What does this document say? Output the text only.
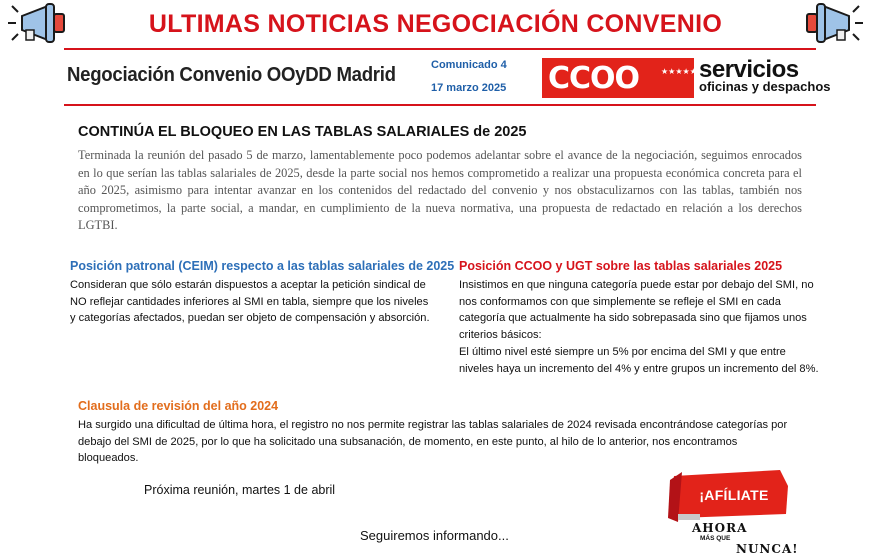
ULTIMAS NOTICIAS NEGOCIACIÓN CONVENIO
Negociación Convenio OOyDD Madrid	Comunicado 4
17 marzo 2025 CCOO	★★★★★★★
servicios
oficinas y despachos
CONTINÚA EL BLOQUEO EN LAS TABLAS SALARIALES de 2025
Terminada la reunión del pasado 5 de marzo, lamentablemente poco podemos adelantar sobre el avance de la negociación, seguimos enrocados en lo que serían las tablas salariales de 2025, desde la parte social nos hemos comprometido a realizar una propuesta económica concreta para el año 2025, asimismo para intentar avanzar en los contenidos del redactado del convenio y nos obstaculizarnos con las tablas, también nos comprometimos, la parte social, a mandar, en cumplimiento de la nueva normativa, una propuesta de redactado en relación a los derechos LGTBI.
Posición patronal (CEIM) respecto a las tablas salariales de 2025
Consideran que sólo estarán dispuestos a aceptar la petición sindical de NO reflejar cantidades inferiores al SMI en tabla, siempre que los niveles y categorías afectados, puedan ser objeto de compensación y absorción.
Posición CCOO y UGT sobre las tablas salariales 2025
Insistimos en que ninguna categoría puede estar por debajo del SMI, no nos conformamos con que simplemente se refleje el SMI en cada categoría que actualmente ha sido sobrepasada sino que fijamos unos criterios básicos:
El último nivel esté siempre un 5% por encima del SMI y que entre niveles haya un incremento del 4% y entre grupos un incremento del 8%.
Clausula de revisión del año 2024
Ha surgido una dificultad de última hora, el registro no nos permite registrar las tablas salariales de 2024 revisada encontrándose categorías por debajo del SMI de 2025, por lo que ha solicitado una subsanación, de momento, en este punto, al hilo de lo anterior, nos encontramos bloqueados.
Próxima reunión, martes 1 de abril
Seguiremos informando...
¡AFÍLIATE
AHORA
MÁS QUE
NUNCA!
